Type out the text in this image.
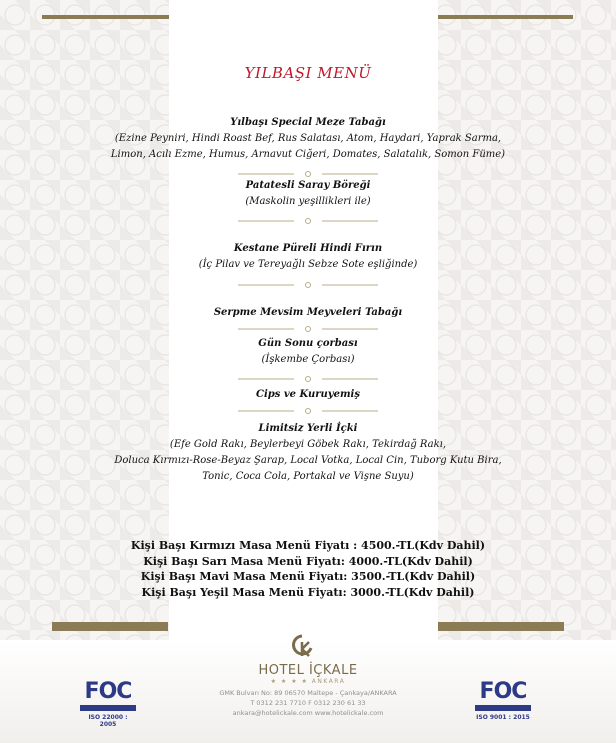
YILBAŞI MENÜ
Yılbaşı Special Meze Tabağı
(Ezine Peyniri, Hindi Roast Bef, Rus Salatası, Atom, Haydari, Yaprak Sarma,
Limon, Acılı Ezme, Humus, Arnavut Ciğeri, Domates, Salatalık, Somon Füme)
Patatesli Saray Böreği
(Maskolin yeşillikleri ile)
Kestane Püreli Hindi Fırın
(İç Pilav ve Tereyağlı Sebze Sote eşliğinde)
Serpme Mevsim Meyveleri Tabağı
Gün Sonu çorbası
(İşkembe Çorbası)
Cips ve Kuruyemiş
Limitsiz Yerli İçki
(Efe Gold Rakı, Beylerbeyi Göbek Rakı, Tekirdağ Rakı,
Doluca Kırmızı-Rose-Beyaz Şarap, Local Votka, Local Cin, Tuborg Kutu Bira,
Tonic, Coca Cola, Portakal ve Vişne Suyu)
Kişi Başı Kırmızı Masa Menü Fiyatı : 4500.-TL(Kdv Dahil)
Kişi Başı Sarı Masa Menü Fiyatı: 4000.-TL(Kdv Dahil)
Kişi Başı Mavi Masa Menü Fiyatı: 3500.-TL(Kdv Dahil)
Kişi Başı Yeşil Masa Menü Fiyatı: 3000.-TL(Kdv Dahil)
HOTEL İÇKALE
★ ★ ★ ★ ANKARA
GMK Bulvarı No: 89 06570 Maltepe - Çankaya/ANKARA
T 0312 231 7710 F 0312 230 61 33
ankara@hotelickale.com www.hotelickale.com
FOC
ISO 22000 : 2005
FOC
ISO 9001 : 2015
